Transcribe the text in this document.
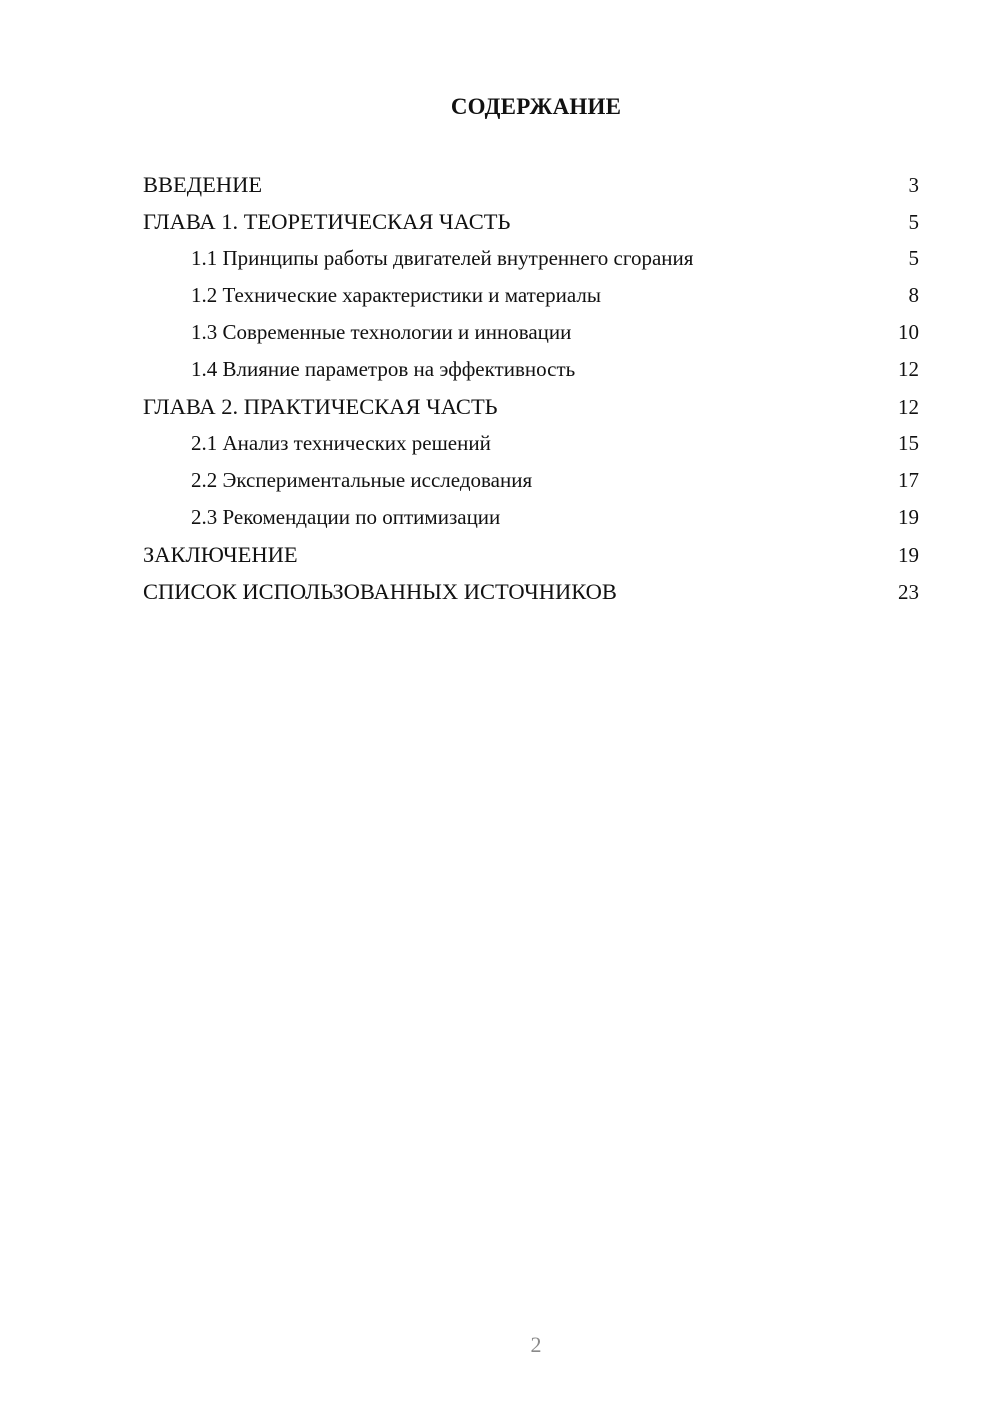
СОДЕРЖАНИЕ
ВВЕДЕНИЕ	3
ГЛАВА 1. ТЕОРЕТИЧЕСКАЯ ЧАСТЬ	5
1.1 Принципы работы двигателей внутреннего сгорания	5
1.2 Технические характеристики и материалы	8
1.3 Современные технологии и инновации	10
1.4 Влияние параметров на эффективность	12
ГЛАВА 2. ПРАКТИЧЕСКАЯ ЧАСТЬ	12
2.1 Анализ технических решений	15
2.2 Экспериментальные исследования	17
2.3 Рекомендации по оптимизации	19
ЗАКЛЮЧЕНИЕ	19
СПИСОК ИСПОЛЬЗОВАННЫХ ИСТОЧНИКОВ	23
2
